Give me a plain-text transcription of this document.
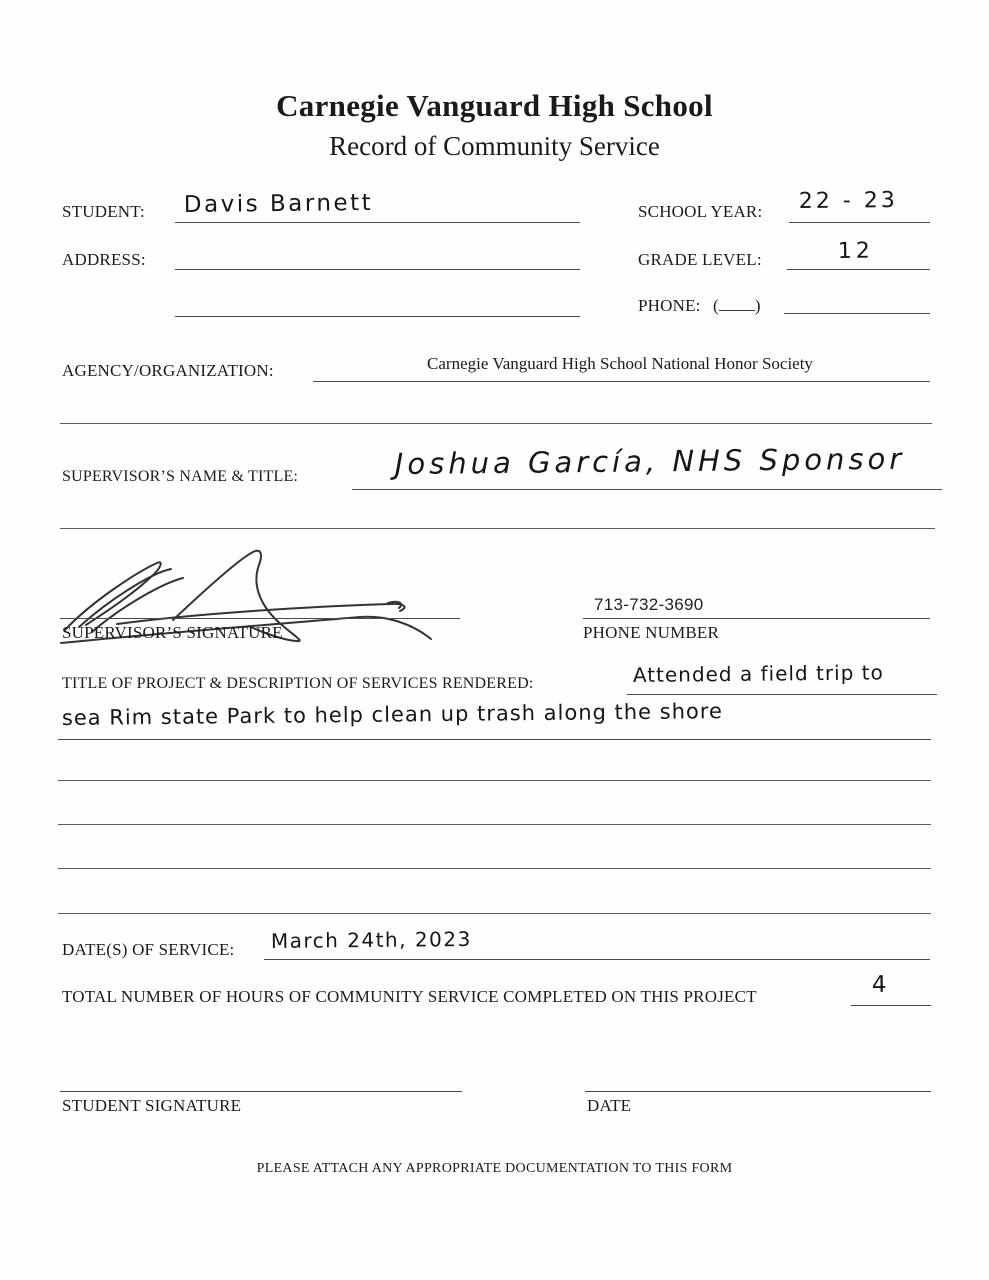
Carnegie Vanguard High School
Record of Community Service
STUDENT: Davis Barnett	SCHOOL YEAR: 22 - 23
ADDRESS:	GRADE LEVEL:	12
PHONE: ( )
AGENCY/ORGANIZATION:	Carnegie Vanguard High School National Honor Society
SUPERVISOR’S NAME & TITLE:	Joshua García, NHS Sponsor
SUPERVISOR’S SIGNATURE
713-732-3690
PHONE NUMBER
TITLE OF PROJECT & DESCRIPTION OF SERVICES RENDERED:	Attended a field trip to
sea Rim state Park to help clean up trash along the shore
DATE(S) OF SERVICE: March 24th, 2023
TOTAL NUMBER OF HOURS OF COMMUNITY SERVICE COMPLETED ON THIS PROJECT	4
STUDENT SIGNATURE	DATE
PLEASE ATTACH ANY APPROPRIATE DOCUMENTATION TO THIS FORM
